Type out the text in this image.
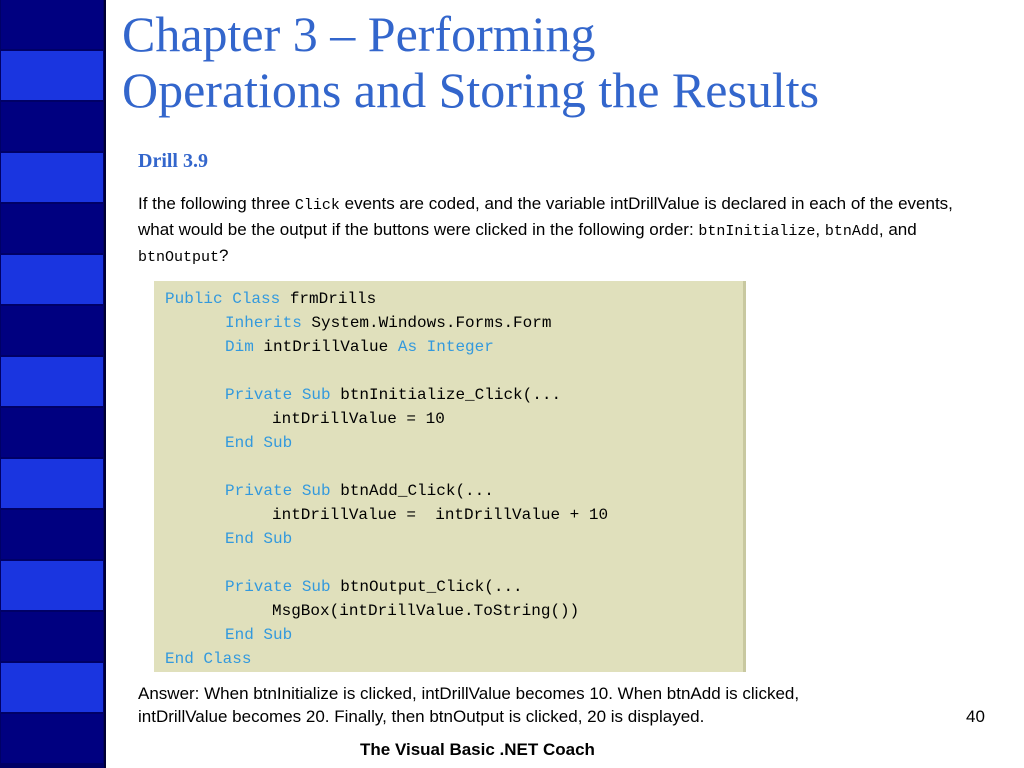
Chapter 3 – Performing
Operations and Storing the Results
Drill 3.9
If the following three Click events are coded, and the variable intDrillValue is declared in each of the events, what would be the output if the buttons were clicked in the following order: btnInitialize, btnAdd, and btnOutput?
Public Class frmDrills
Inherits System.Windows.Forms.Form
Dim intDrillValue As Integer
Private Sub btnInitialize_Click(...
intDrillValue = 10
End Sub
Private Sub btnAdd_Click(...
intDrillValue =  intDrillValue + 10
End Sub
Private Sub btnOutput_Click(...
MsgBox(intDrillValue.ToString())
End Sub
End Class
Answer: When btnInitialize is clicked, intDrillValue becomes 10. When btnAdd is clicked,
intDrillValue becomes 20. Finally, then btnOutput is clicked, 20 is displayed.	40
The Visual Basic .NET Coach
